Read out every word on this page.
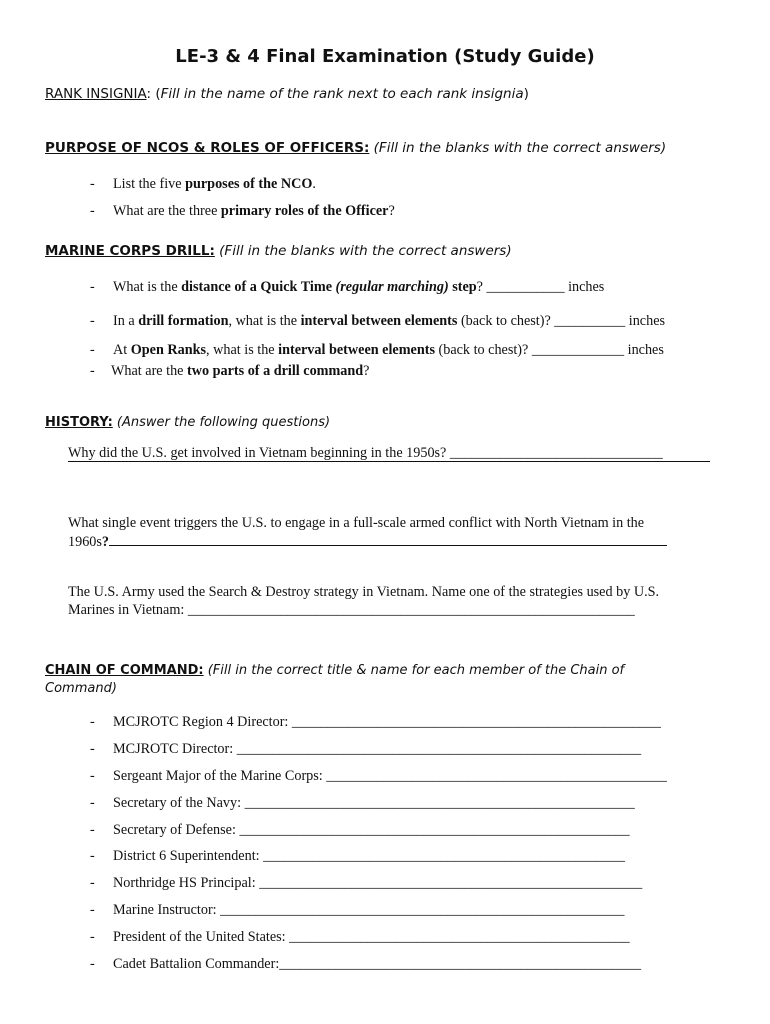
LE-3 & 4 Final Examination (Study Guide)
RANK INSIGNIA: (Fill in the name of the rank next to each rank insignia)
PURPOSE OF NCOS & ROLES OF OFFICERS: (Fill in the blanks with the correct answers)
- List the five purposes of the NCO.
- What are the three primary roles of the Officer?
MARINE CORPS DRILL: (Fill in the blanks with the correct answers)
- What is the distance of a Quick Time (regular marching) step? ___________ inches
- In a drill formation, what is the interval between elements (back to chest)? __________ inches
- At Open Ranks, what is the interval between elements (back to chest)? _____________ inches
- What are the two parts of a drill command?
HISTORY: (Answer the following questions)
Why did the U.S. get involved in Vietnam beginning in the 1950s? ______________________________
What single event triggers the U.S. to engage in a full-scale armed conflict with North Vietnam in the
1960s?
The U.S. Army used the Search & Destroy strategy in Vietnam. Name one of the strategies used by U.S.
Marines in Vietnam: _______________________________________________________________
CHAIN OF COMMAND: (Fill in the correct title & name for each member of the Chain of
Command)
- MCJROTC Region 4 Director: ____________________________________________________
- MCJROTC Director: _________________________________________________________
- Sergeant Major of the Marine Corps: ________________________________________________
- Secretary of the Navy: _______________________________________________________
- Secretary of Defense: _______________________________________________________
- District 6 Superintendent: ___________________________________________________
- Northridge HS Principal: ______________________________________________________
- Marine Instructor: _________________________________________________________
- President of the United States: ________________________________________________
- Cadet Battalion Commander:___________________________________________________
